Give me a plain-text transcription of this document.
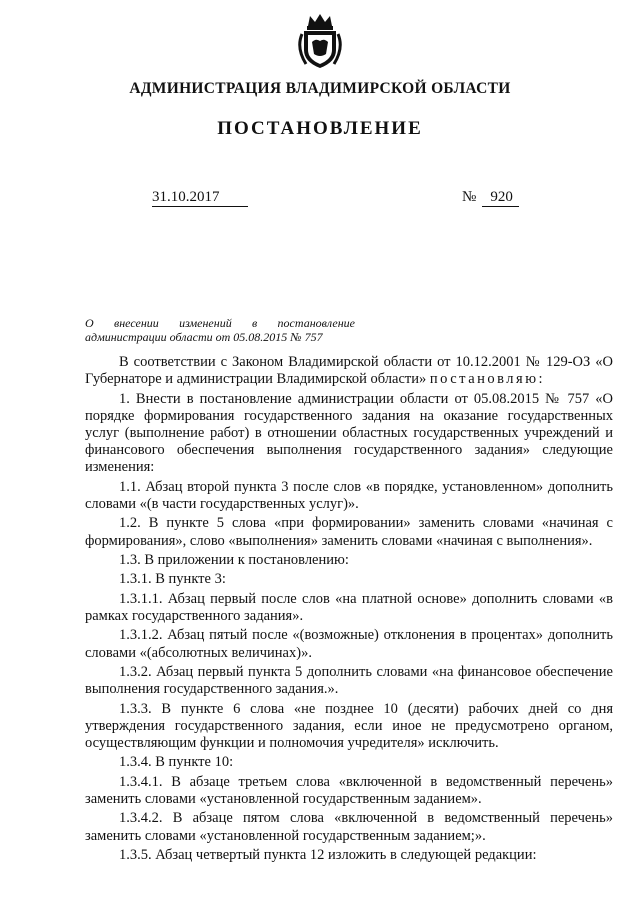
АДМИНИСТРАЦИЯ ВЛАДИМИРСКОЙ ОБЛАСТИ
ПОСТАНОВЛЕНИЕ
31.10.2017	№ 920
О внесении изменений в постановление
администрации области от 05.08.2015 № 757

В соответствии с Законом Владимирской области от 10.12.2001 № 129-ОЗ «О Губернаторе и администрации Владимирской области» постановляю:

1. Внести в постановление администрации области от 05.08.2015 № 757 «О порядке формирования государственного задания на оказание государственных услуг (выполнение работ) в отношении областных государственных учреждений и финансового обеспечения выполнения государственного задания» следующие изменения:

1.1. Абзац второй пункта 3 после слов «в порядке, установленном» дополнить словами «(в части государственных услуг)».

1.2. В пункте 5 слова «при формировании» заменить словами «начиная с формирования», слово «выполнения» заменить словами «начиная с выполнения».

1.3. В приложении к постановлению:

1.3.1. В пункте 3:

1.3.1.1. Абзац первый после слов «на платной основе» дополнить словами «в рамках государственного задания».

1.3.1.2. Абзац пятый после «(возможные) отклонения в процентах» дополнить словами «(абсолютных величинах)».

1.3.2. Абзац первый пункта 5 дополнить словами «на финансовое обеспечение выполнения государственного задания.».

1.3.3. В пункте 6 слова «не позднее 10 (десяти) рабочих дней со дня утверждения государственного задания, если иное не предусмотрено органом, осуществляющим функции и полномочия учредителя» исключить.

1.3.4. В пункте 10:

1.3.4.1. В абзаце третьем слова «включенной в ведомственный перечень» заменить словами «установленной государственным заданием».

1.3.4.2. В абзаце пятом слова «включенной в ведомственный перечень» заменить словами «установленной государственным заданием;».

1.3.5. Абзац четвертый пункта 12 изложить в следующей редакции:
